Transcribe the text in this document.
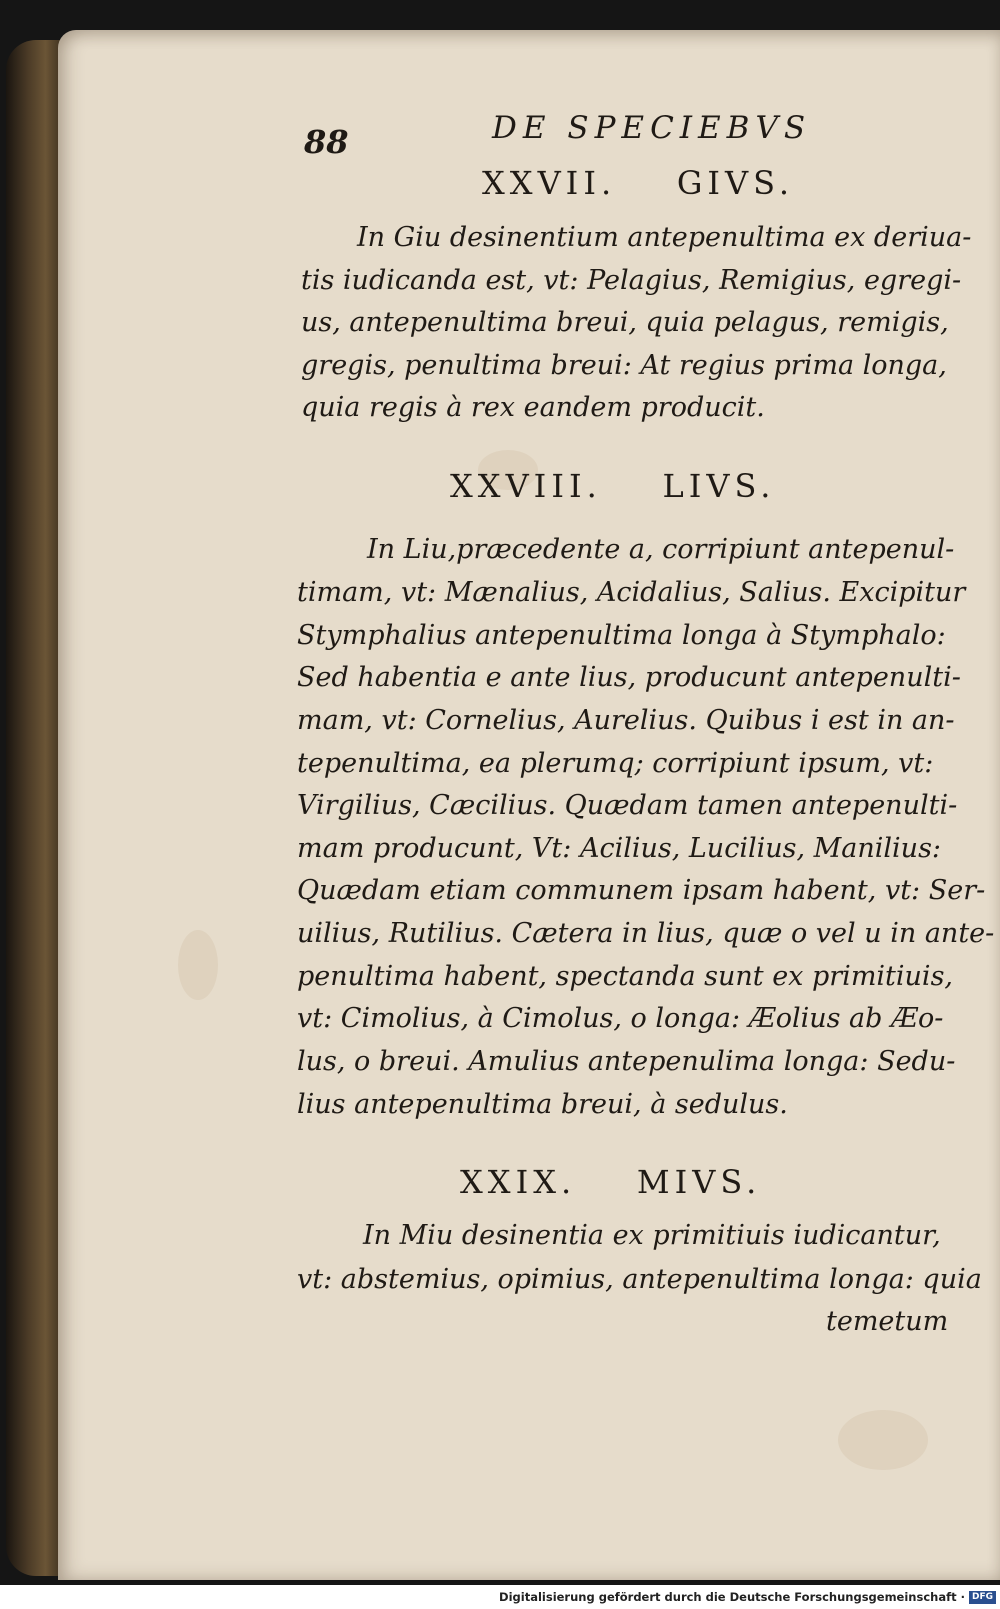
88	DE SPECIEBVS
XXVII.    GIVS.
In Giu desinentium antepenultima ex deriua-
tis iudicanda est, vt: Pelagius, Remigius, egregi-
us, antepenultima breui, quia pelagus, remigis,
gregis, penultima breui: At regius prima longa,
quia regis à rex eandem producit.
XXVIII.    LIVS.
In Liu,præcedente a, corripiunt antepenul-
timam, vt: Mænalius, Acidalius, Salius. Excipitur
Stymphalius antepenultima longa à Stymphalo:
Sed habentia e ante lius, producunt antepenulti-
mam, vt: Cornelius, Aurelius. Quibus i est in an-
tepenultima, ea plerumq; corripiunt ipsum, vt:
Virgilius, Cæcilius. Quædam tamen antepenulti-
mam producunt, Vt: Acilius, Lucilius, Manilius:
Quædam etiam communem ipsam habent, vt: Ser-
uilius, Rutilius. Cætera in lius, quæ o vel u in ante-
penultima habent, spectanda sunt ex primitiuis,
vt: Cimolius, à Cimolus, o longa: Æolius ab Æo-
lus, o breui. Amulius antepenulima longa: Sedu-
lius antepenultima breui, à sedulus.
XXIX.    MIVS.
In Miu desinentia ex primitiuis iudicantur,
vt: abstemius, opimius, antepenultima longa: quia
temetum
Digitalisierung gefördert durch die Deutsche Forschungsgemeinschaft · DFG
